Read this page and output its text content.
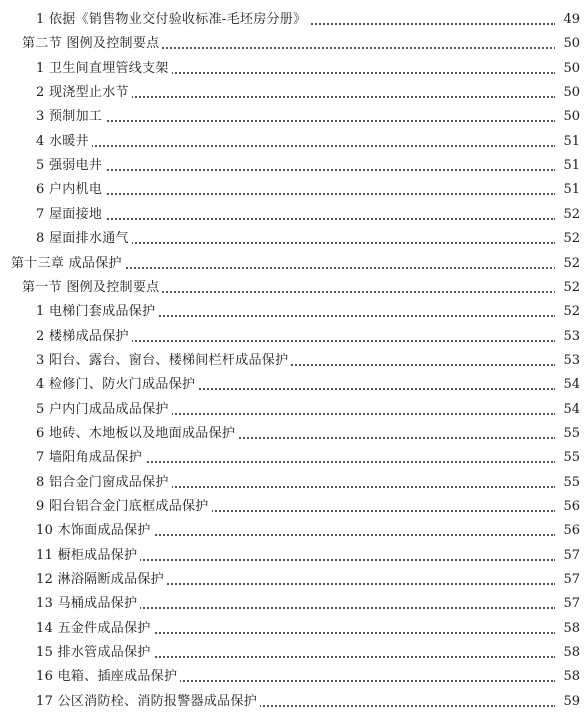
1 依据《销售物业交付验收标准-毛坯房分册》	49
第二节 图例及控制要点	50
1 卫生间直埋管线支架	50
2 现浇型止水节	50
3 预制加工	50
4 水暖井	51
5 强弱电井	51
6 户内机电	51
7 屋面接地	52
8 屋面排水通气	52
第十三章 成品保护	52
第一节 图例及控制要点	52
1 电梯门套成品保护	52
2 楼梯成品保护	53
3 阳台、露台、窗台、楼梯间栏杆成品保护	53
4 检修门、防火门成品保护	54
5 户内门成品成品保护	54
6 地砖、木地板以及地面成品保护	55
7 墙阳角成品保护	55
8 铝合金门窗成品保护	55
9 阳台铝合金门底框成品保护	56
10 木饰面成品保护	56
11 橱柜成品保护	57
12 淋浴隔断成品保护	57
13 马桶成品保护	57
14 五金件成品保护	58
15 排水管成品保护	58
16 电箱、插座成品保护	58
17 公区消防栓、消防报警器成品保护	59
